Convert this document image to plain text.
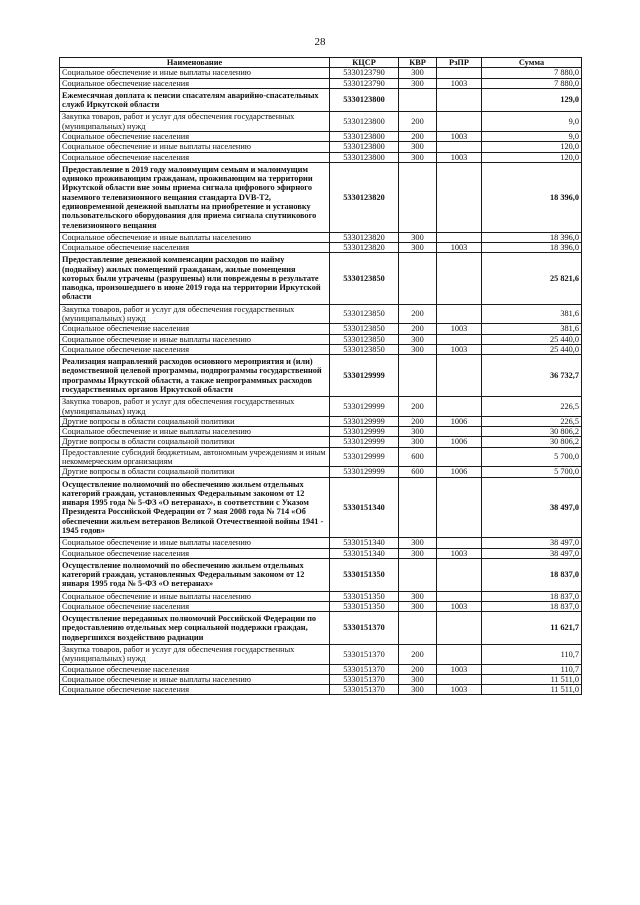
28
Наименование	КЦСР	КВР	РзПР	Сумма
Социальное обеспечение и иные выплаты населению	5330123790	300		7 880,0
Социальное обеспечение населения	5330123790	300	1003	7 880,0
Ежемесячная доплата к пенсии спасателям аварийно-спасательных служб Иркутской области	5330123800			129,0
Закупка товаров, работ и услуг для обеспечения государственных (муниципальных) нужд	5330123800	200		9,0
Социальное обеспечение населения	5330123800	200	1003	9,0
Социальное обеспечение и иные выплаты населению	5330123800	300		120,0
Социальное обеспечение населения	5330123800	300	1003	120,0
Предоставление в 2019 году малоимущим семьям и малоимущим одиноко проживающим гражданам, проживающим на территории Иркутской области вне зоны приема сигнала цифрового эфирного наземного телевизионного вещания стандарта DVB-T2, единовременной денежной выплаты на приобретение и установку пользовательского оборудования для приема сигнала спутникового телевизионного вещания	5330123820			18 396,0
Социальное обеспечение и иные выплаты населению	5330123820	300		18 396,0
Социальное обеспечение населения	5330123820	300	1003	18 396,0
Предоставление денежной компенсации расходов по найму (поднайму) жилых помещений гражданам, жилые помещения которых были утрачены (разрушены) или повреждены в результате паводка, произошедшего в июне 2019 года на территории Иркутской области	5330123850			25 821,6
Закупка товаров, работ и услуг для обеспечения государственных (муниципальных) нужд	5330123850	200		381,6
Социальное обеспечение населения	5330123850	200	1003	381,6
Социальное обеспечение и иные выплаты населению	5330123850	300		25 440,0
Социальное обеспечение населения	5330123850	300	1003	25 440,0
Реализация направлений расходов основного мероприятия и (или) ведомственной целевой программы, подпрограммы государственной программы Иркутской области, а также непрограммных расходов государственных органов Иркутской области	5330129999			36 732,7
Закупка товаров, работ и услуг для обеспечения государственных (муниципальных) нужд	5330129999	200		226,5
Другие вопросы в области социальной политики	5330129999	200	1006	226,5
Социальное обеспечение и иные выплаты населению	5330129999	300		30 806,2
Другие вопросы в области социальной политики	5330129999	300	1006	30 806,2
Предоставление субсидий бюджетным, автономным учреждениям и иным некоммерческим организациям	5330129999	600		5 700,0
Другие вопросы в области социальной политики	5330129999	600	1006	5 700,0
Осуществление полномочий по обеспечению жильем отдельных категорий граждан, установленных Федеральным законом от 12 января 1995 года № 5-ФЗ «О ветеранах», в соответствии с Указом Президента Российской Федерации от 7 мая 2008 года № 714 «Об обеспечении жильем ветеранов Великой Отечественной войны 1941 - 1945 годов»	5330151340			38 497,0
Социальное обеспечение и иные выплаты населению	5330151340	300		38 497,0
Социальное обеспечение населения	5330151340	300	1003	38 497,0
Осуществление полномочий по обеспечению жильем отдельных категорий граждан, установленных Федеральным законом от 12 января 1995 года № 5-ФЗ «О ветеранах»	5330151350			18 837,0
Социальное обеспечение и иные выплаты населению	5330151350	300		18 837,0
Социальное обеспечение населения	5330151350	300	1003	18 837,0
Осуществление переданных полномочий Российской Федерации по предоставлению отдельных мер социальной поддержки граждан, подвергшихся воздействию радиации	5330151370			11 621,7
Закупка товаров, работ и услуг для обеспечения государственных (муниципальных) нужд	5330151370	200		110,7
Социальное обеспечение населения	5330151370	200	1003	110,7
Социальное обеспечение и иные выплаты населению	5330151370	300		11 511,0
Социальное обеспечение населения	5330151370	300	1003	11 511,0
